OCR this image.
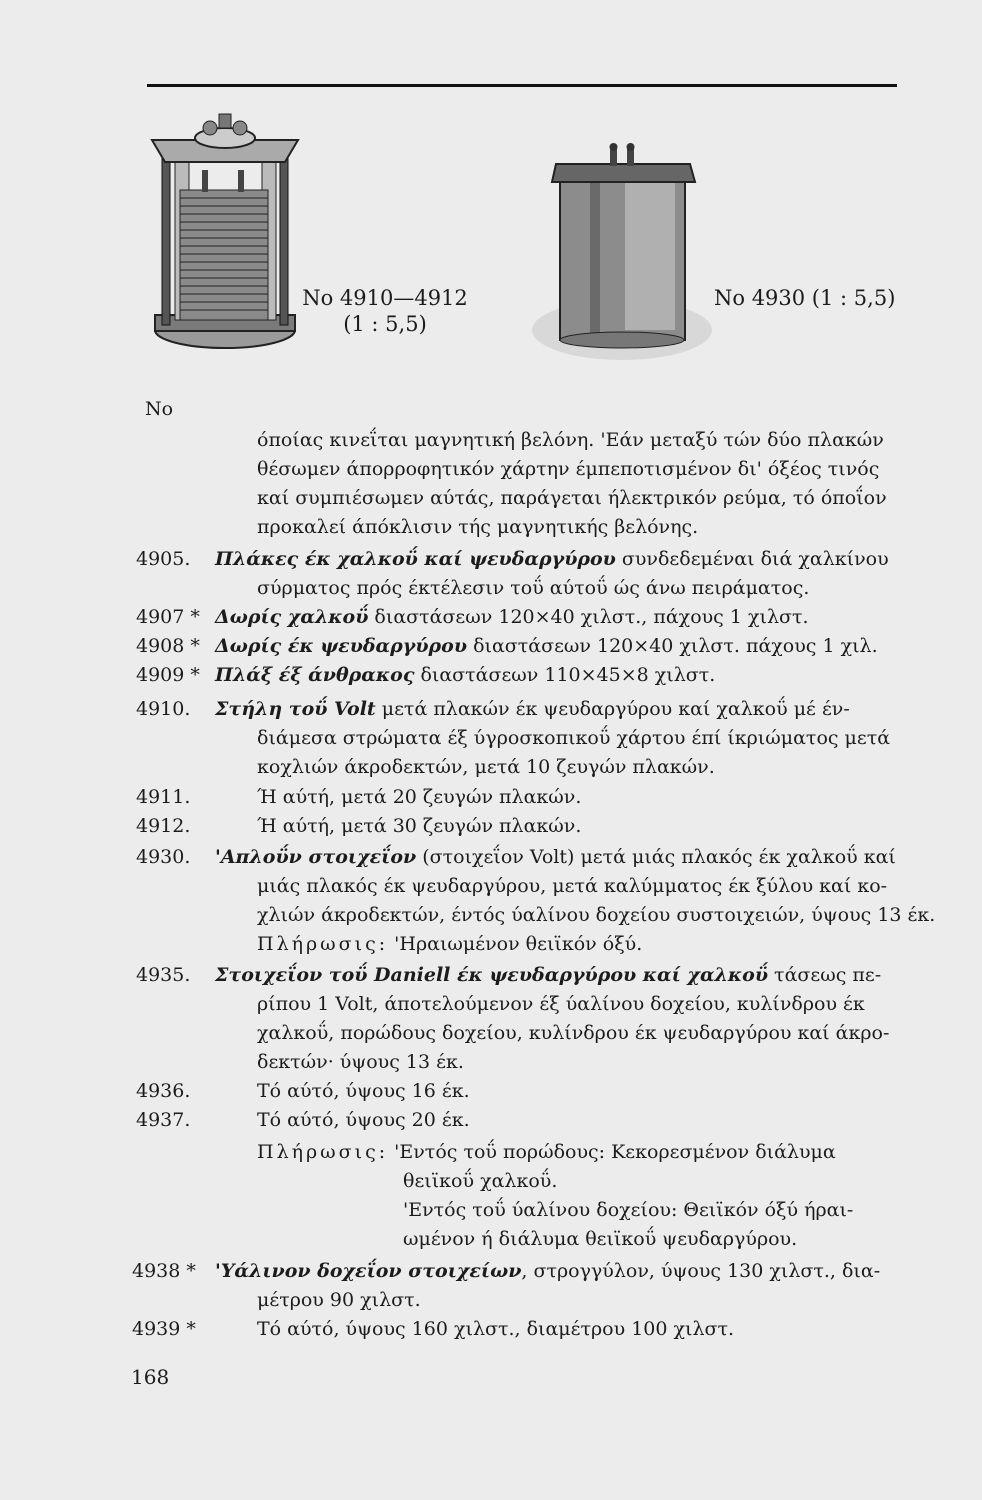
No 4910—4912
(1 : 5,5)
No 4930 (1 : 5,5)
No
όποίας κινεΐται μαγνητική βελόνη. 'Εάν μεταξύ τών δύο πλακών
θέσωμεν άπορροφητικόν χάρτην έμπεποτισμένον δι' όξέος τινός
καί συμπιέσωμεν αύτάς, παράγεται ήλεκτρικόν ρεύμα, τό όποΐον
προκαλεί άπόκλισιν τής μαγνητικής βελόνης.
4905. Πλάκες έκ χαλκοΰ καί ψευδαργύρου συνδεδεμέναι διά χαλκίνου
σύρματος πρός έκτέλεσιν τοΰ αύτοΰ ώς άνω πειράματος.
4907 * Δωρίς χαλκοΰ διαστάσεων 120×40 χιλστ., πάχους 1 χιλστ.
4908 * Δωρίς έκ ψευδαργύρου διαστάσεων 120×40 χιλστ. πάχους 1 χιλ.
4909 * Πλάξ έξ άνθρακος διαστάσεων 110×45×8 χιλστ.
4910. Στήλη τοΰ Volt μετά πλακών έκ ψευδαργύρου καί χαλκοΰ μέ έν-
διάμεσα στρώματα έξ ύγροσκοπικοΰ χάρτου έπί ίκριώματος μετά
κοχλιών άκροδεκτών, μετά 10 ζευγών πλακών.
4911.	Ή αύτή, μετά 20 ζευγών πλακών.
4912.	Ή αύτή, μετά 30 ζευγών πλακών.
4930. 'Απλοΰν στοιχεΐον (στοιχεΐον Volt) μετά μιάς πλακός έκ χαλκοΰ καί
μιάς πλακός έκ ψευδαργύρου, μετά καλύμματος έκ ξύλου καί κο-
χλιών άκροδεκτών, έντός ύαλίνου δοχείου συστοιχειών, ύψους 13 έκ.
Πλήρωσις: 'Ηραιωμένον θειϊκόν όξύ.
4935. Στοιχεΐον τοΰ Daniell έκ ψευδαργύρου καί χαλκοΰ τάσεως πε-
ρίπου 1 Volt, άποτελούμενον έξ ύαλίνου δοχείου, κυλίνδρου έκ
χαλκοΰ, πορώδους δοχείου, κυλίνδρου έκ ψευδαργύρου καί άκρο-
δεκτών· ύψους 13 έκ.
4936.	Τό αύτό, ύψους 16 έκ.
4937.	Τό αύτό, ύψους 20 έκ.
Πλήρωσις: 'Εντός τοΰ πορώδους: Κεκορεσμένον διάλυμα
θειϊκοΰ χαλκοΰ.
'Εντός τοΰ ύαλίνου δοχείου: Θειϊκόν όξύ ήραι-
ωμένον ή διάλυμα θειϊκοΰ ψευδαργύρου.
4938 * 'Υάλινον δοχεΐον στοιχείων, στρογγύλον, ύψους 130 χιλστ., δια-
μέτρου 90 χιλστ.
4939 *	Τό αύτό, ύψους 160 χιλστ., διαμέτρου 100 χιλστ.
168
